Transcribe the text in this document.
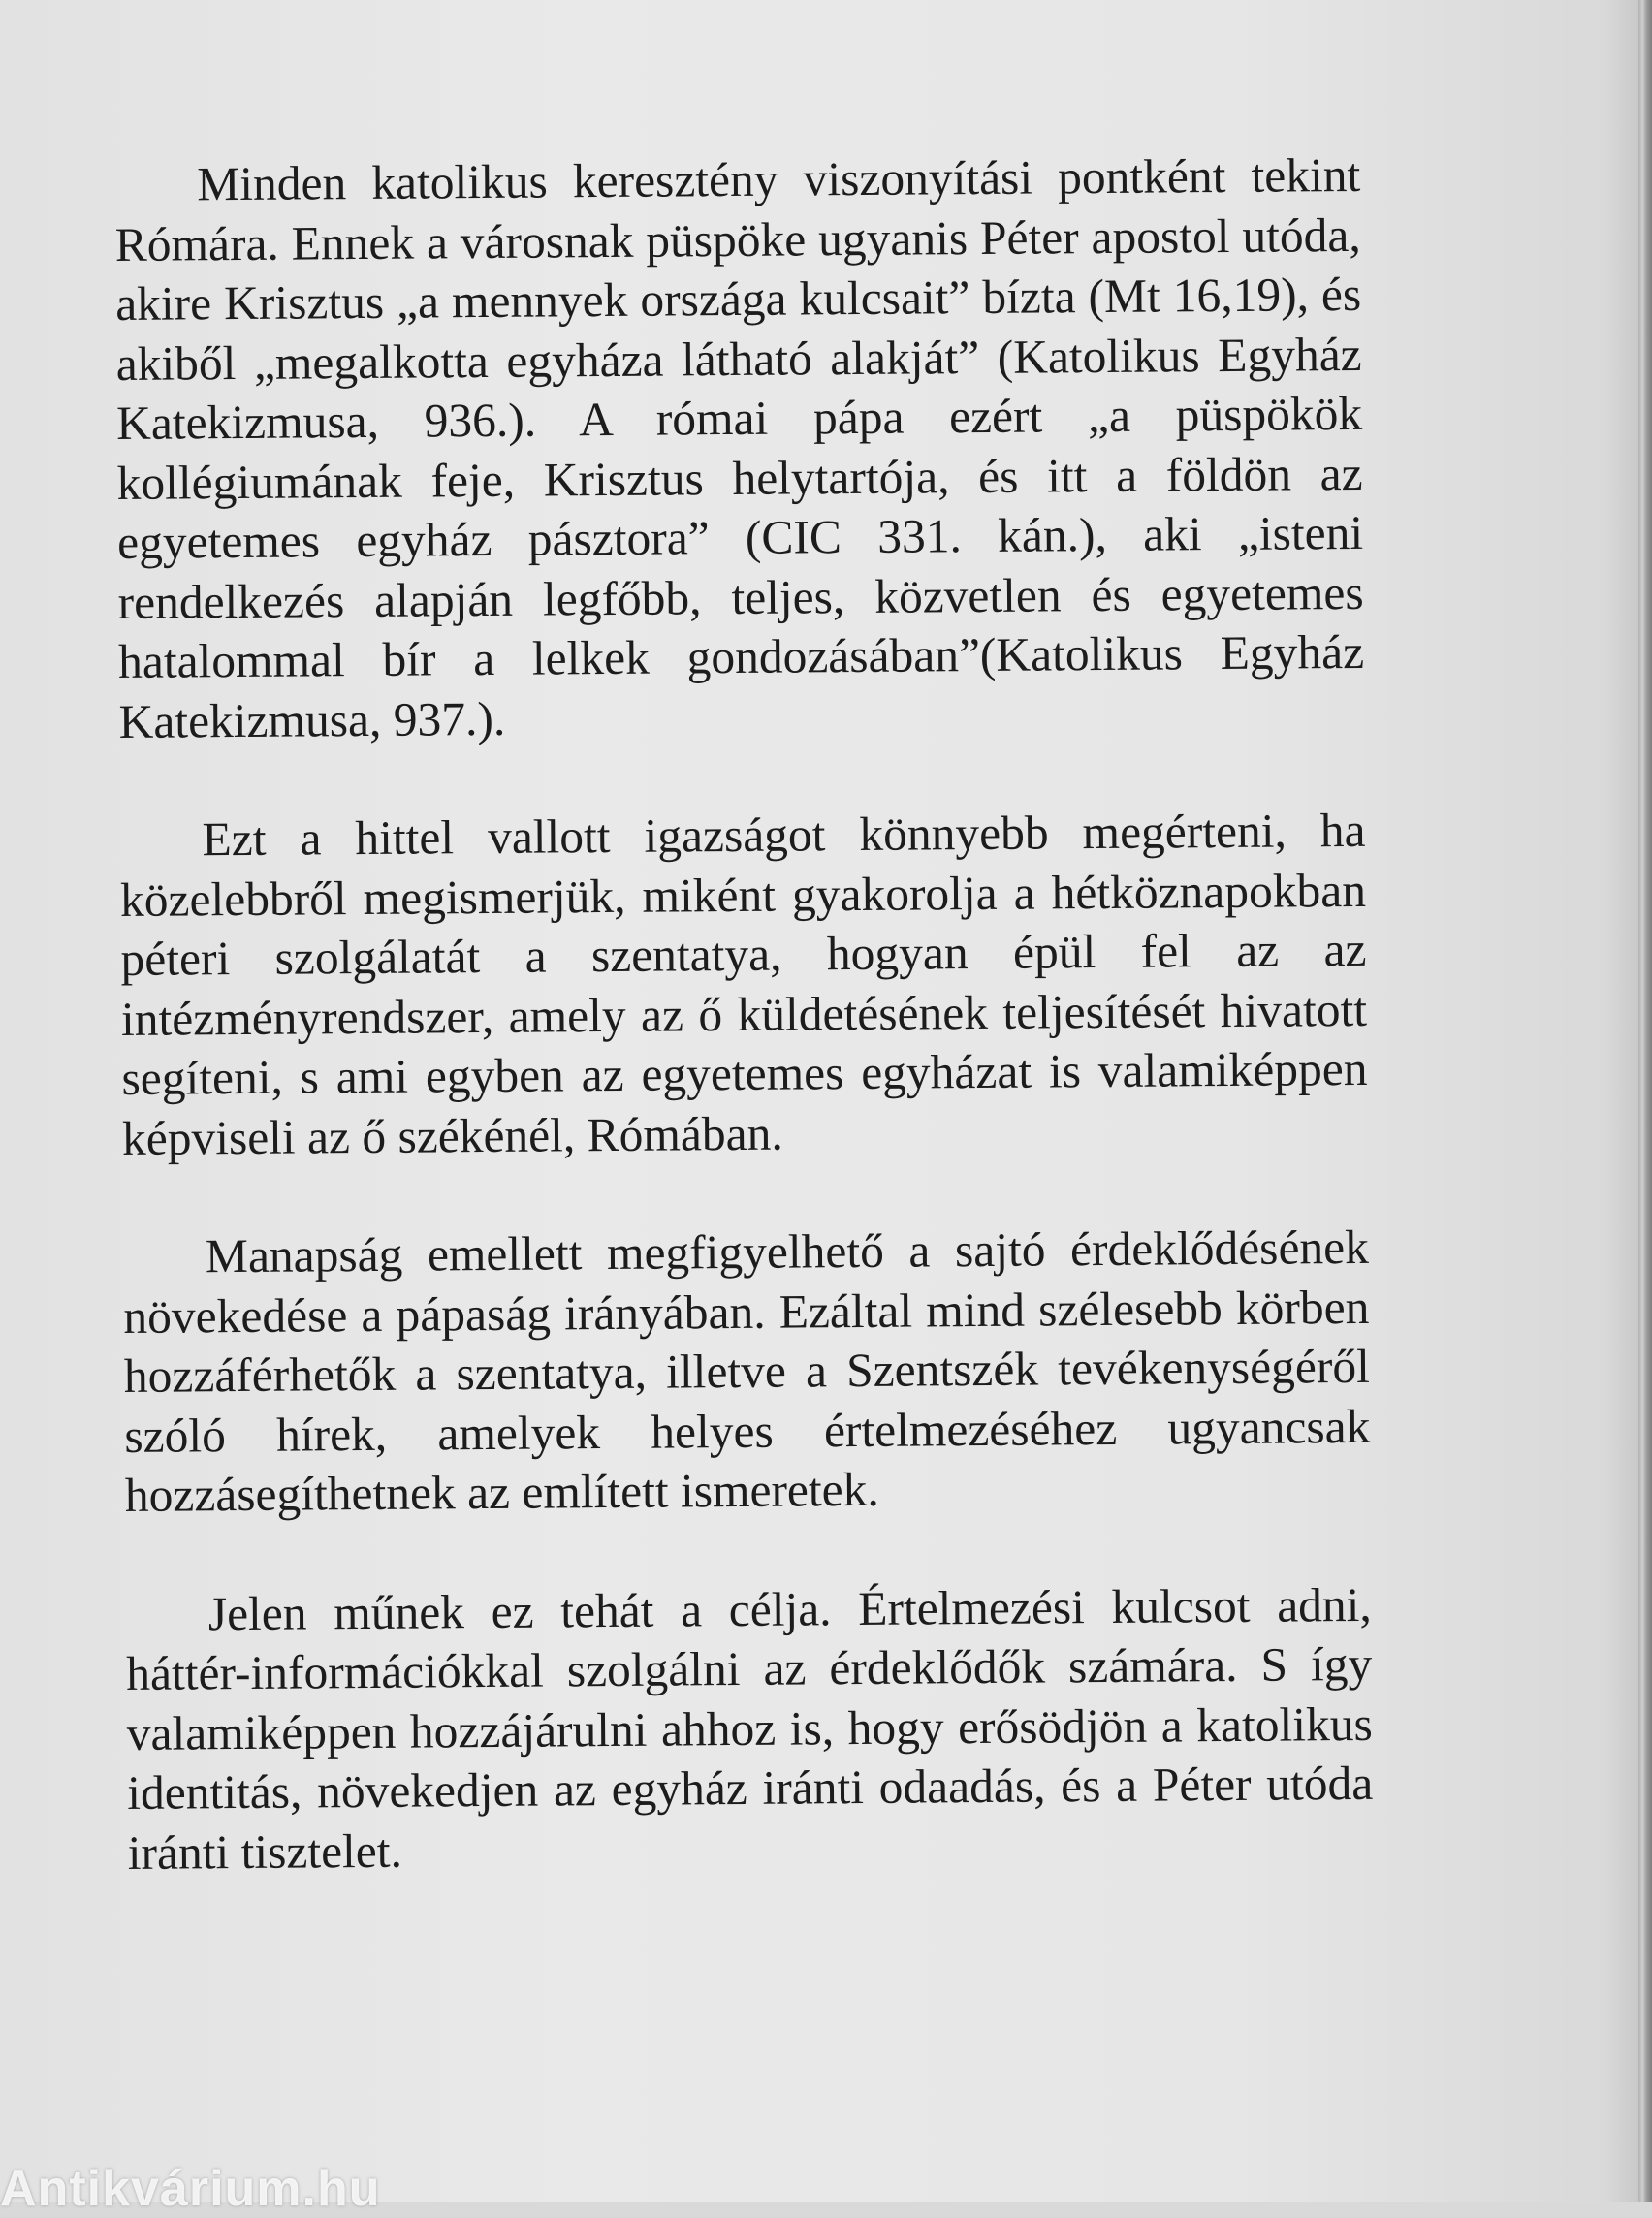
Minden katolikus keresztény viszonyítási pontként tekint Rómára. Ennek a városnak püspöke ugyanis Péter apostol utóda, akire Krisztus „a mennyek országa kulcsait” bízta (Mt 16,19), és akiből „megalkotta egyháza látható alakját” (Katolikus Egyház Katekizmusa, 936.). A római pápa ezért „a püspökök kollégiumának feje, Krisztus helytartója, és itt a földön az egyetemes egyház pásztora” (CIC 331. kán.), aki „isteni rendelkezés alapján legfőbb, teljes, közvetlen és egyetemes hatalommal bír a lelkek gondozásában”(Katolikus Egyház Katekizmusa, 937.).

Ezt a hittel vallott igazságot könnyebb megérteni, ha közelebbről megismerjük, miként gyakorolja a hétköznapokban péteri szolgálatát a szentatya, hogyan épül fel az az intézményrendszer, amely az ő küldetésének teljesítését hivatott segíteni, s ami egyben az egyetemes egyházat is valamiképpen képviseli az ő székénél, Rómában.

Manapság emellett megfigyelhető a sajtó érdeklődésének növekedése a pápaság irányában. Ezáltal mind szélesebb körben hozzáférhetők a szentatya, illetve a Szentszék tevékenységéről szóló hírek, amelyek helyes értelmezéséhez ugyancsak hozzásegíthetnek az említett ismeretek.

Jelen műnek ez tehát a célja. Értelmezési kulcsot adni, háttér-információkkal szolgálni az érdeklődők számára. S így valamiképpen hozzájárulni ahhoz is, hogy erősödjön a katolikus identitás, növekedjen az egyház iránti odaadás, és a Péter utóda iránti tisztelet.

Antikvárium.hu
